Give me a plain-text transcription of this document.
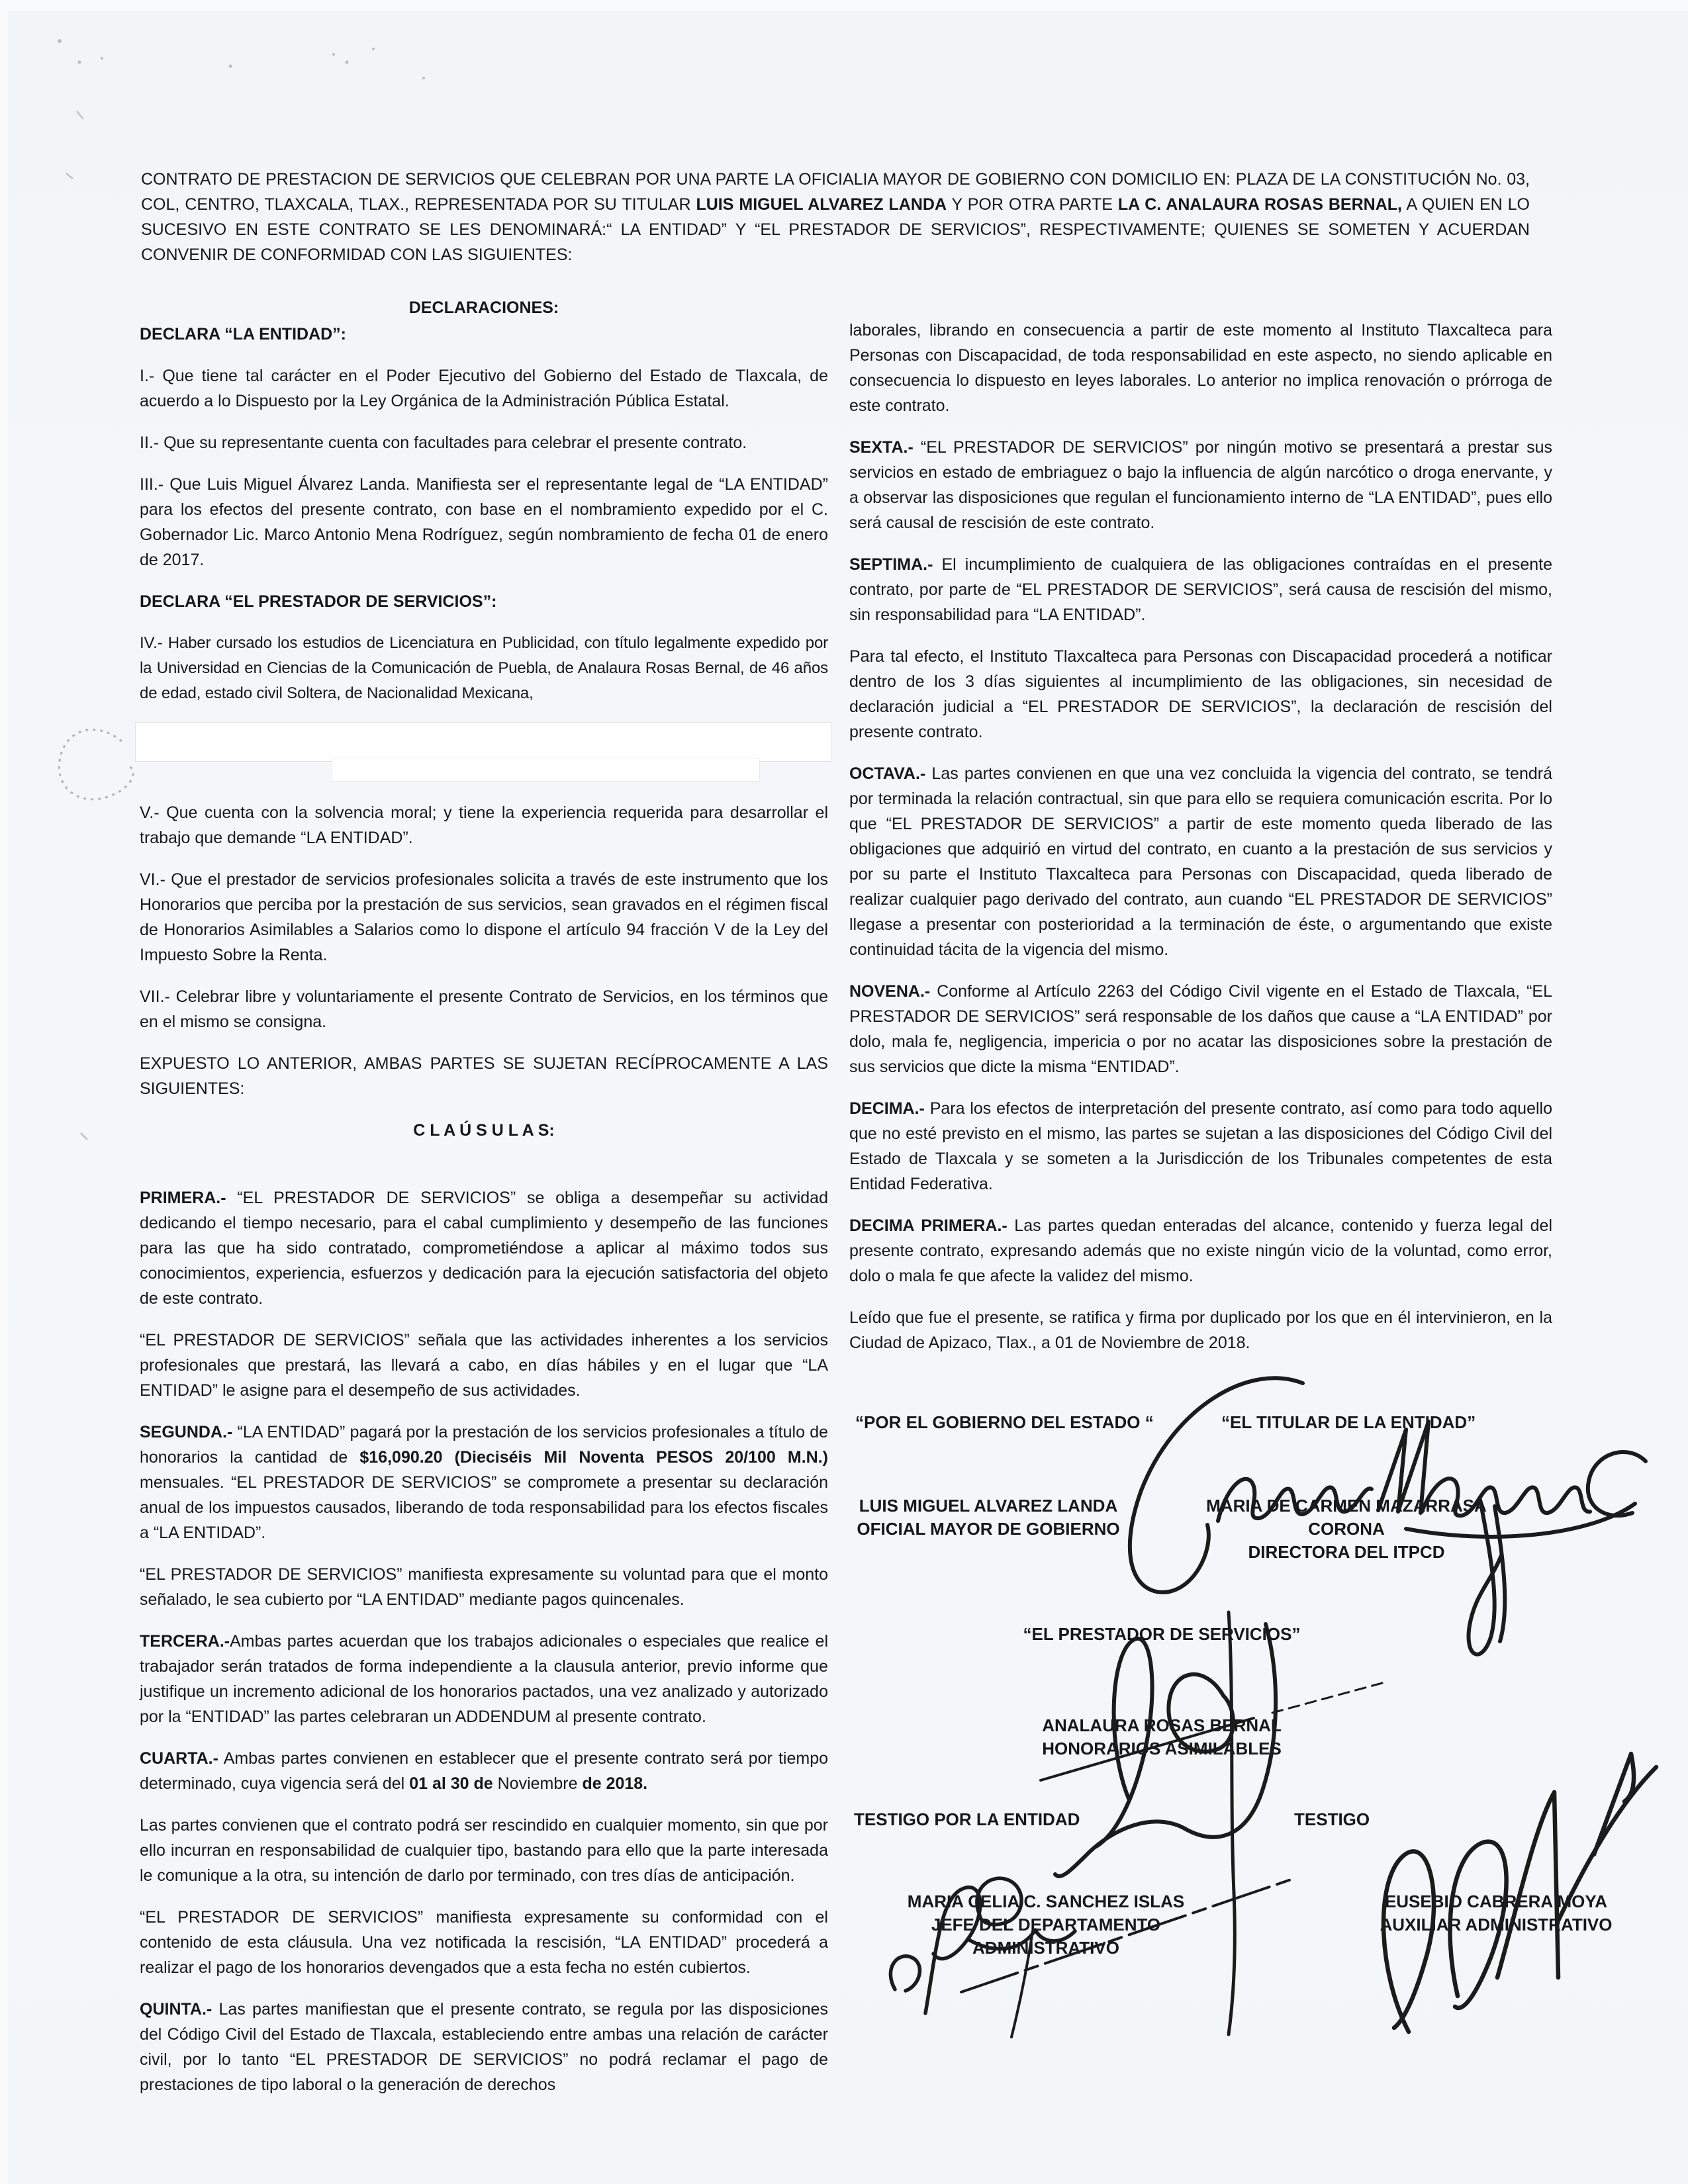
CONTRATO DE PRESTACION DE SERVICIOS QUE CELEBRAN POR UNA PARTE LA OFICIALIA MAYOR DE GOBIERNO CON DOMICILIO EN: PLAZA DE LA CONSTITUCIÓN No. 03, COL, CENTRO, TLAXCALA, TLAX., REPRESENTADA POR SU TITULAR LUIS MIGUEL ALVAREZ LANDA Y POR OTRA PARTE LA C. ANALAURA ROSAS BERNAL, A QUIEN EN LO SUCESIVO EN ESTE CONTRATO SE LES DENOMINARÁ:“ LA ENTIDAD” Y “EL PRESTADOR DE SERVICIOS”, RESPECTIVAMENTE; QUIENES SE SOMETEN Y ACUERDAN CONVENIR DE CONFORMIDAD CON LAS SIGUIENTES:
DECLARACIONES:
DECLARA “LA ENTIDAD”:
I.- Que tiene tal carácter en el Poder Ejecutivo del Gobierno del Estado de Tlaxcala, de acuerdo a lo Dispuesto por la Ley Orgánica de la Administración Pública Estatal.
II.- Que su representante cuenta con facultades para celebrar el presente contrato.
III.- Que Luis Miguel Álvarez Landa. Manifiesta ser el representante legal de “LA ENTIDAD” para los efectos del presente contrato, con base en el nombramiento expedido por el C. Gobernador Lic. Marco Antonio Mena Rodríguez, según nombramiento de fecha 01 de enero de 2017.
DECLARA “EL PRESTADOR DE SERVICIOS”:
IV.- Haber cursado los estudios de Licenciatura en Publicidad, con título legalmente expedido por la Universidad en Ciencias de la Comunicación de Puebla, de Analaura Rosas Bernal, de 46 años de edad, estado civil Soltera, de Nacionalidad Mexicana,
V.- Que cuenta con la solvencia moral; y tiene la experiencia requerida para desarrollar el trabajo que demande “LA ENTIDAD”.
VI.- Que el prestador de servicios profesionales solicita a través de este instrumento que los Honorarios que perciba por la prestación de sus servicios, sean gravados en el régimen fiscal de Honorarios Asimilables a Salarios como lo dispone el artículo 94 fracción V de la Ley del Impuesto Sobre la Renta.
VII.- Celebrar libre y voluntariamente el presente Contrato de Servicios, en los términos que en el mismo se consigna.
EXPUESTO LO ANTERIOR, AMBAS PARTES SE SUJETAN RECÍPROCAMENTE A LAS SIGUIENTES:
C L A Ú S U L A S:
PRIMERA.- “EL PRESTADOR DE SERVICIOS” se obliga a desempeñar su actividad dedicando el tiempo necesario, para el cabal cumplimiento y desempeño de las funciones para las que ha sido contratado, comprometiéndose a aplicar al máximo todos sus conocimientos, experiencia, esfuerzos y dedicación para la ejecución satisfactoria del objeto de este contrato.
“EL PRESTADOR DE SERVICIOS” señala que las actividades inherentes a los servicios profesionales que prestará, las llevará a cabo, en días hábiles y en el lugar que “LA ENTIDAD” le asigne para el desempeño de sus actividades.
SEGUNDA.- “LA ENTIDAD” pagará por la prestación de los servicios profesionales a título de honorarios la cantidad de $16,090.20 (Dieciséis Mil Noventa PESOS 20/100 M.N.) mensuales. “EL PRESTADOR DE SERVICIOS” se compromete a presentar su declaración anual de los impuestos causados, liberando de toda responsabilidad para los efectos fiscales a “LA ENTIDAD”.
“EL PRESTADOR DE SERVICIOS” manifiesta expresamente su voluntad para que el monto señalado, le sea cubierto por “LA ENTIDAD” mediante pagos quincenales.
TERCERA.-Ambas partes acuerdan que los trabajos adicionales o especiales que realice el trabajador serán tratados de forma independiente a la clausula anterior, previo informe que justifique un incremento adicional de los honorarios pactados, una vez analizado y autorizado por la “ENTIDAD” las partes celebraran un ADDENDUM al presente contrato.
CUARTA.- Ambas partes convienen en establecer que el presente contrato será por tiempo determinado, cuya vigencia será del 01 al 30 de Noviembre de 2018.
Las partes convienen que el contrato podrá ser rescindido en cualquier momento, sin que por ello incurran en responsabilidad de cualquier tipo, bastando para ello que la parte interesada le comunique a la otra, su intención de darlo por terminado, con tres días de anticipación.
“EL PRESTADOR DE SERVICIOS” manifiesta expresamente su conformidad con el contenido de esta cláusula. Una vez notificada la rescisión, “LA ENTIDAD” procederá a realizar el pago de los honorarios devengados que a esta fecha no estén cubiertos.
QUINTA.- Las partes manifiestan que el presente contrato, se regula por las disposiciones del Código Civil del Estado de Tlaxcala, estableciendo entre ambas una relación de carácter civil, por lo tanto “EL PRESTADOR DE SERVICIOS” no podrá reclamar el pago de prestaciones de tipo laboral o la generación de derechos
laborales, librando en consecuencia a partir de este momento al Instituto Tlaxcalteca para Personas con Discapacidad, de toda responsabilidad en este aspecto, no siendo aplicable en consecuencia lo dispuesto en leyes laborales. Lo anterior no implica renovación o prórroga de este contrato.
SEXTA.- “EL PRESTADOR DE SERVICIOS” por ningún motivo se presentará a prestar sus servicios en estado de embriaguez o bajo la influencia de algún narcótico o droga enervante, y a observar las disposiciones que regulan el funcionamiento interno de “LA ENTIDAD”, pues ello será causal de rescisión de este contrato.
SEPTIMA.- El incumplimiento de cualquiera de las obligaciones contraídas en el presente contrato, por parte de “EL PRESTADOR DE SERVICIOS”, será causa de rescisión del mismo, sin responsabilidad para “LA ENTIDAD”.
Para tal efecto, el Instituto Tlaxcalteca para Personas con Discapacidad procederá a notificar dentro de los 3 días siguientes al incumplimiento de las obligaciones, sin necesidad de declaración judicial a “EL PRESTADOR DE SERVICIOS”, la declaración de rescisión del presente contrato.
OCTAVA.- Las partes convienen en que una vez concluida la vigencia del contrato, se tendrá por terminada la relación contractual, sin que para ello se requiera comunicación escrita. Por lo que “EL PRESTADOR DE SERVICIOS” a partir de este momento queda liberado de las obligaciones que adquirió en virtud del contrato, en cuanto a la prestación de sus servicios y por su parte el Instituto Tlaxcalteca para Personas con Discapacidad, queda liberado de realizar cualquier pago derivado del contrato, aun cuando “EL PRESTADOR DE SERVICIOS” llegase a presentar con posterioridad a la terminación de éste, o argumentando que existe continuidad tácita de la vigencia del mismo.
NOVENA.- Conforme al Artículo 2263 del Código Civil vigente en el Estado de Tlaxcala, “EL PRESTADOR DE SERVICIOS” será responsable de los daños que cause a “LA ENTIDAD” por dolo, mala fe, negligencia, impericia o por no acatar las disposiciones sobre la prestación de sus servicios que dicte la misma “ENTIDAD”.
DECIMA.- Para los efectos de interpretación del presente contrato, así como para todo aquello que no esté previsto en el mismo, las partes se sujetan a las disposiciones del Código Civil del Estado de Tlaxcala y se someten a la Jurisdicción de los Tribunales competentes de esta Entidad Federativa.
DECIMA PRIMERA.- Las partes quedan enteradas del alcance, contenido y fuerza legal del presente contrato, expresando además que no existe ningún vicio de la voluntad, como error, dolo o mala fe que afecte la validez del mismo.
Leído que fue el presente, se ratifica y firma por duplicado por los que en él intervinieron, en la Ciudad de Apizaco, Tlax., a 01 de Noviembre de 2018.
“POR EL GOBIERNO DEL ESTADO “	“EL TITULAR DE LA ENTIDAD”
LUIS MIGUEL ALVAREZ LANDA
OFICIAL MAYOR DE GOBIERNO
MARIA DE CARMEN MAZARRASA
CORONA
DIRECTORA DEL ITPCD
“EL PRESTADOR DE SERVICIOS”
ANALAURA ROSAS BERNAL
HONORARIOS ASIMILABLES
TESTIGO POR LA ENTIDAD	TESTIGO
MARIA CELIA C. SANCHEZ ISLAS
JEFE DEL DEPARTAMENTO
ADMINISTRATIVO
EUSEBIO CABRERA MOYA
AUXILIAR ADMINISTRATIVO
